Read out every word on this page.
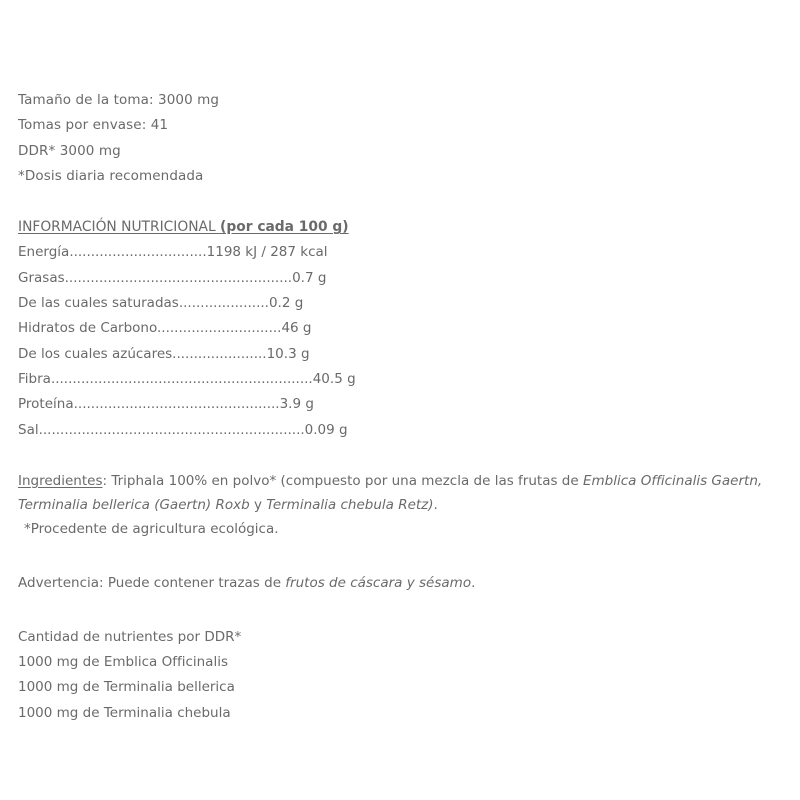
Tamaño de la toma: 3000 mg
Tomas por envase: 41
DDR* 3000 mg
*Dosis diaria recomendada
INFORMACIÓN NUTRICIONAL (por cada 100 g)
Energía................................1198 kJ / 287 kcal
Grasas.....................................................0.7 g
De las cuales saturadas.....................0.2 g
Hidratos de Carbono.............................46 g
De los cuales azúcares......................10.3 g
Fibra.............................................................40.5 g
Proteína................................................3.9 g
Sal..............................................................0.09 g
Ingredientes: Triphala 100% en polvo* (compuesto por una mezcla de las frutas de Emblica Officinalis Gaertn, Terminalia bellerica (Gaertn) Roxb y Terminalia chebula Retz).
*Procedente de agricultura ecológica.
Advertencia: Puede contener trazas de frutos de cáscara y sésamo.
Cantidad de nutrientes por DDR*
1000 mg de Emblica Officinalis
1000 mg de Terminalia bellerica
1000 mg de Terminalia chebula
